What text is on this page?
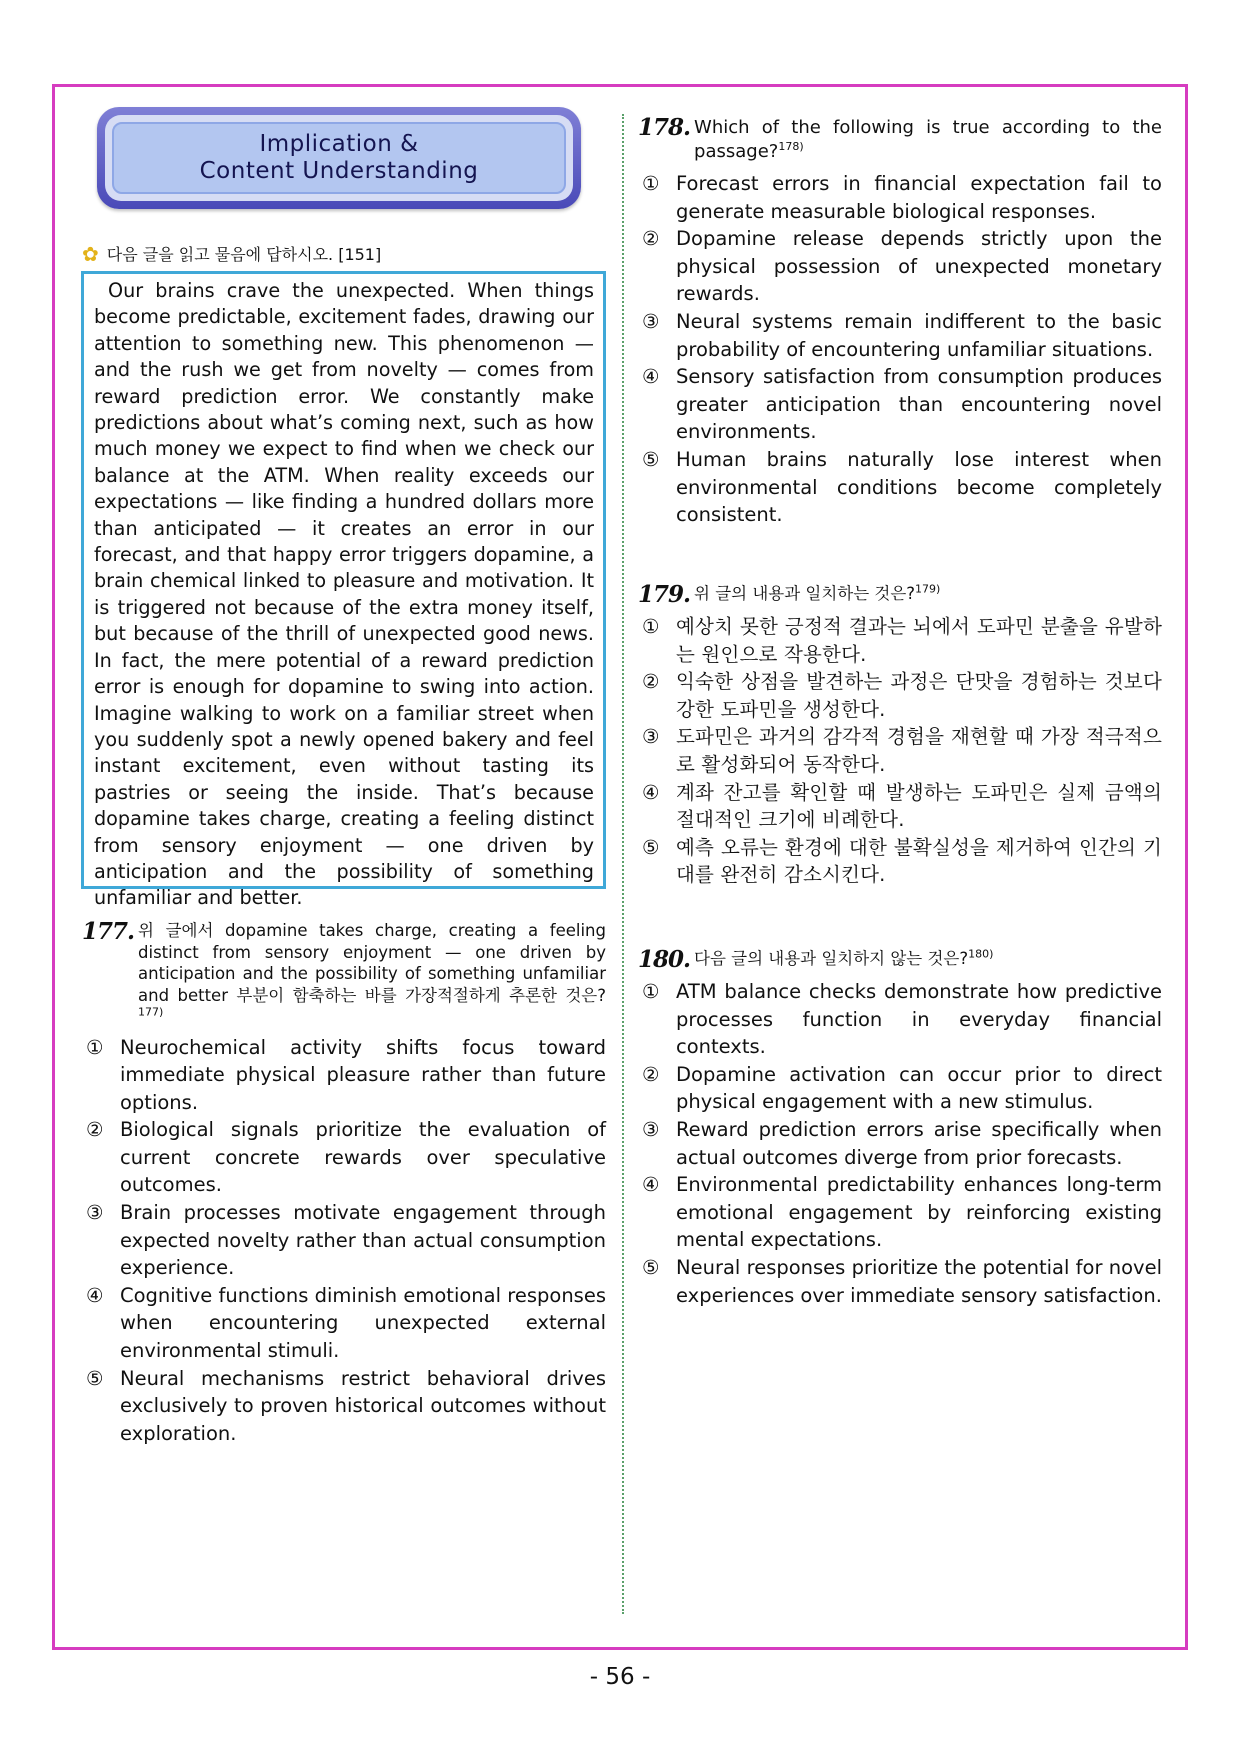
Implication &
Content Understanding
✿ 다음 글을 읽고 물음에 답하시오. [151]

Our brains crave the unexpected. When things become predictable, excitement fades, drawing our attention to something new. This phenomenon — and the rush we get from novelty — comes from reward prediction error. We constantly make predictions about what’s coming next, such as how much money we expect to find when we check our balance at the ATM. When reality exceeds our expectations — like finding a hundred dollars more than anticipated — it creates an error in our forecast, and that happy error triggers dopamine, a brain chemical linked to pleasure and motivation. It is triggered not because of the extra money itself, but because of the thrill of unexpected good news. In fact, the mere potential of a reward prediction error is enough for dopamine to swing into action. Imagine walking to work on a familiar street when you suddenly spot a newly opened bakery and feel instant excitement, even without tasting its pastries or seeing the inside. That’s because dopamine takes charge, creating a feeling distinct from sensory enjoyment — one driven by anticipation and the possibility of something unfamiliar and better.

177. 위 글에서 dopamine takes charge, creating a feeling distinct from sensory enjoyment — one driven by anticipation and the possibility of something unfamiliar and better 부분이 함축하는 바를 가장적절하게 추론한 것은?$^{177)}$
① Neurochemical activity shifts focus toward immediate physical pleasure rather than future options.
② Biological signals prioritize the evaluation of current concrete rewards over speculative outcomes.
③ Brain processes motivate engagement through expected novelty rather than actual consumption experience.
④ Cognitive functions diminish emotional responses when encountering unexpected external environmental stimuli.
⑤ Neural mechanisms restrict behavioral drives exclusively to proven historical outcomes without exploration.
178. Which of the following is true according to the passage?$^{178)}$
① Forecast errors in financial expectation fail to generate measurable biological responses.
② Dopamine release depends strictly upon the physical possession of unexpected monetary rewards.
③ Neural systems remain indifferent to the basic probability of encountering unfamiliar situations.
④ Sensory satisfaction from consumption produces greater anticipation than encountering novel environments.
⑤ Human brains naturally lose interest when environmental conditions become completely consistent.
179. 위 글의 내용과 일치하는 것은?$^{179)}$
① 예상치 못한 긍정적 결과는 뇌에서 도파민 분출을 유발하는 원인으로 작용한다.
② 익숙한 상점을 발견하는 과정은 단맛을 경험하는 것보다 강한 도파민을 생성한다.
③ 도파민은 과거의 감각적 경험을 재현할 때 가장 적극적으로 활성화되어 동작한다.
④ 계좌 잔고를 확인할 때 발생하는 도파민은 실제 금액의 절대적인 크기에 비례한다.
⑤ 예측 오류는 환경에 대한 불확실성을 제거하여 인간의 기대를 완전히 감소시킨다.
180. 다음 글의 내용과 일치하지 않는 것은?$^{180)}$
① ATM balance checks demonstrate how predictive processes function in everyday financial contexts.
② Dopamine activation can occur prior to direct physical engagement with a new stimulus.
③ Reward prediction errors arise specifically when actual outcomes diverge from prior forecasts.
④ Environmental predictability enhances long-term emotional engagement by reinforcing existing mental expectations.
⑤ Neural responses prioritize the potential for novel experiences over immediate sensory satisfaction.
- 56 -
